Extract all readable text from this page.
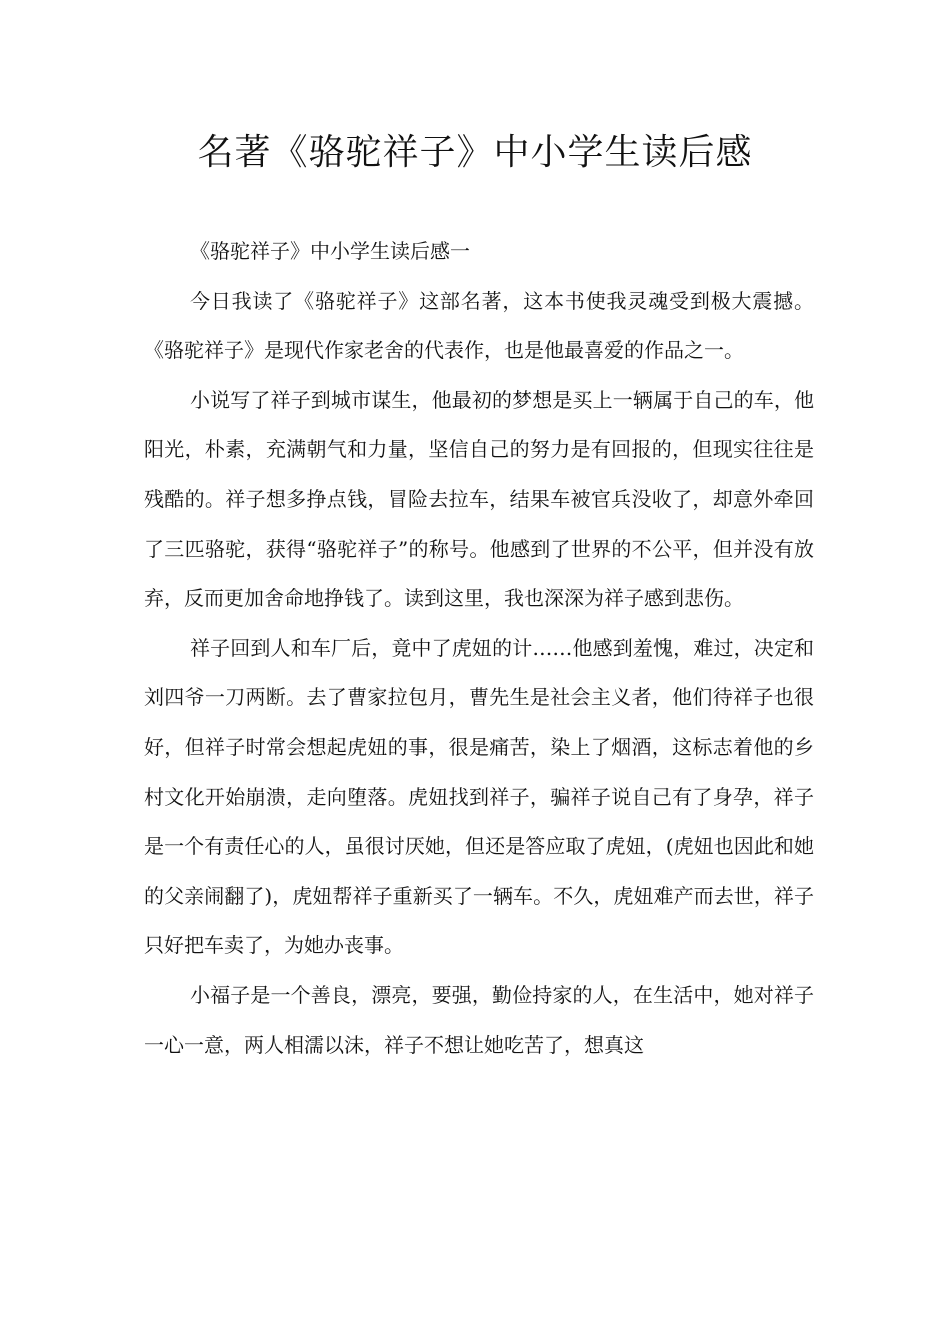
名著《骆驼祥子》中小学生读后感

《骆驼祥子》中小学生读后感一

今日我读了《骆驼祥子》这部名著，这本书使我灵魂受到极大震撼。《骆驼祥子》是现代作家老舍的代表作，也是他最喜爱的作品之一。

小说写了祥子到城市谋生，他最初的梦想是买上一辆属于自己的车，他阳光，朴素，充满朝气和力量，坚信自己的努力是有回报的，但现实往往是残酷的。祥子想多挣点钱，冒险去拉车，结果车被官兵没收了，却意外牵回了三匹骆驼，获得“骆驼祥子”的称号。他感到了世界的不公平，但并没有放弃，反而更加舍命地挣钱了。读到这里，我也深深为祥子感到悲伤。

祥子回到人和车厂后，竟中了虎妞的计……他感到羞愧，难过，决定和刘四爷一刀两断。去了曹家拉包月，曹先生是社会主义者，他们待祥子也很好，但祥子时常会想起虎妞的事，很是痛苦，染上了烟酒，这标志着他的乡村文化开始崩溃，走向堕落。虎妞找到祥子，骗祥子说自己有了身孕，祥子是一个有责任心的人，虽很讨厌她，但还是答应取了虎妞，(虎妞也因此和她的父亲闹翻了)，虎妞帮祥子重新买了一辆车。不久，虎妞难产而去世，祥子只好把车卖了，为她办丧事。

小福子是一个善良，漂亮，要强，勤俭持家的人，在生活中，她对祥子一心一意，两人相濡以沫，祥子不想让她吃苦了，想真这
